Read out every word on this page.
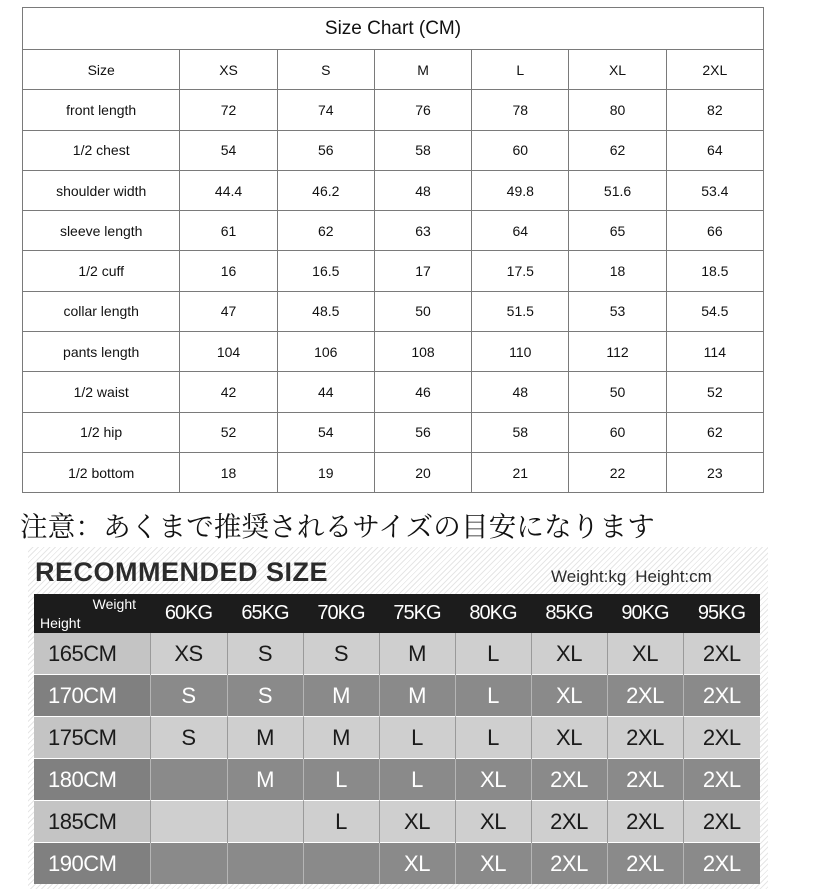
Size Chart (CM)						
Size	XS	S	M	L	XL	2XL
front length	72	74	76	78	80	82
1/2 chest	54	56	58	60	62	64
shoulder width	44.4	46.2	48	49.8	51.6	53.4
sleeve length	61	62	63	64	65	66
1/2 cuff	16	16.5	17	17.5	18	18.5
collar length	47	48.5	50	51.5	53	54.5
pants length	104	106	108	110	112	114
1/2 waist	42	44	46	48	50	52
1/2 hip	52	54	56	58	60	62
1/2 bottom	18	19	20	21	22	23
注意：あくまで推奨されるサイズの目安になります
RECOMMENDED SIZE	Weight:kg Height:cm
Weight
Height	60KG	65KG	70KG	75KG	80KG	85KG	90KG	95KG
165CM	XS	S	S	M	L	XL	XL	2XL
170CM	S	S	M	M	L	XL	2XL	2XL
175CM	S	M	M	L	L	XL	2XL	2XL
180CM		M	L	L	XL	2XL	2XL	2XL
185CM			L	XL	XL	2XL	2XL	2XL
190CM				XL	XL	2XL	2XL	2XL
